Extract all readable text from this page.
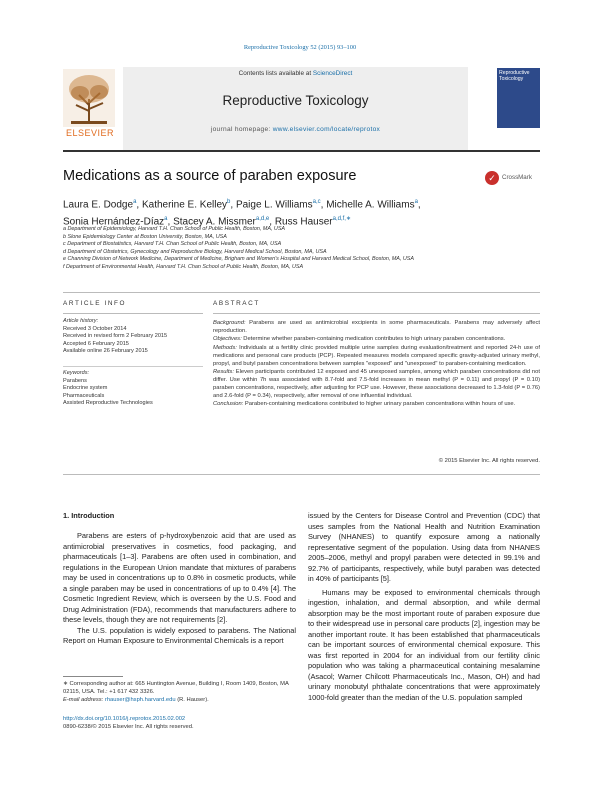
Reproductive Toxicology 52 (2015) 93–100
ELSEVIER
Contents lists available at ScienceDirect
Reproductive Toxicology
journal homepage: www.elsevier.com/locate/reprotox
Reproductive Toxicology
Medications as a source of paraben exposure	✓	CrossMark
Laura E. Dodge$^a$, Katherine E. Kelley$^b$, Paige L. Williams$^{a,c}$, Michelle A. Williams$^a$,
Sonia Hernández-Díaz$^a$, Stacey A. Missmer$^{a,d,e}$, Russ Hauser$^{a,d,f,∗}$
a Department of Epidemiology, Harvard T.H. Chan School of Public Health, Boston, MA, USA
b Slone Epidemiology Center at Boston University, Boston, MA, USA
c Department of Biostatistics, Harvard T.H. Chan School of Public Health, Boston, MA, USA
d Department of Obstetrics, Gynecology and Reproductive Biology, Harvard Medical School, Boston, MA, USA
e Channing Division of Network Medicine, Department of Medicine, Brigham and Women's Hospital and Harvard Medical School, Boston, MA, USA
f Department of Environmental Health, Harvard T.H. Chan School of Public Health, Boston, MA, USA
ARTICLE INFO	ABSTRACT
Article history:
Received 3 October 2014
Received in revised form 2 February 2015
Accepted 6 February 2015
Available online 26 February 2015
Keywords:
Parabens
Endocrine system
Pharmaceuticals
Assisted Reproductive Technologies

Background: Parabens are used as antimicrobial excipients in some pharmaceuticals. Parabens may adversely affect reproduction.

Objectives: Determine whether paraben-containing medication contributes to high urinary paraben concentrations.

Methods: Individuals at a fertility clinic provided multiple urine samples during evaluation/treatment and reported 24-h use of medications and personal care products (PCP). Repeated measures models compared specific gravity-adjusted urinary methyl, propyl, and butyl paraben concentrations between samples "exposed" and "unexposed" to paraben-containing medication.

Results: Eleven participants contributed 12 exposed and 45 unexposed samples, among which paraben concentrations did not differ. Use within 7h was associated with 8.7-fold and 7.5-fold increases in mean methyl (P = 0.11) and propyl (P = 0.10) paraben concentrations, respectively, after adjusting for PCP use. However, these associations decreased to 1.3-fold (P = 0.76) and 2.6-fold (P = 0.34), respectively, after removal of one influential individual.

Conclusion: Paraben-containing medications contributed to higher urinary paraben concentrations within hours of use.

© 2015 Elsevier Inc. All rights reserved.
1. Introduction

Parabens are esters of p-hydroxybenzoic acid that are used as antimicrobial preservatives in cosmetics, food packaging, and pharmaceuticals [1–3]. Parabens are often used in combination, and regulations in the European Union mandate that mixtures of parabens may be used in concentrations up to 0.8% in cosmetic products, while a single paraben may be used in concentrations of up to 0.4% [4]. The Cosmetic Ingredient Review, which is overseen by the U.S. Food and Drug Administration (FDA), recommends that manufacturers adhere to these levels, though they are not requirements [2].

The U.S. population is widely exposed to parabens. The National Report on Human Exposure to Environmental Chemicals is a report

issued by the Centers for Disease Control and Prevention (CDC) that uses samples from the National Health and Nutrition Examination Survey (NHANES) to quantify exposure among a nationally representative segment of the population. Using data from NHANES 2005–2006, methyl and propyl paraben were detected in 99.1% and 92.7% of participants, respectively, while butyl paraben was detected in 40% of participants [5].

Humans may be exposed to environmental chemicals through ingestion, inhalation, and dermal absorption, and while dermal absorption may be the most important route of paraben exposure due to their widespread use in personal care products [2], ingestion may be another important route. It has been established that pharmaceuticals can be important sources of environmental chemical exposure. This was first reported in 2004 for an individual from our fertility clinic population who was taking a pharmaceutical containing mesalamine (Asacol; Warner Chilcott Pharmaceuticals Inc., Mason, OH) and had urinary monobutyl phthalate concentrations that were approximately 1000-fold greater than the median of the U.S. population sampled

∗ Corresponding author at: 665 Huntington Avenue, Building I, Room 1409, Boston, MA 02115, USA. Tel.: +1 617 432 3326.
E-mail address: rhauser@hsph.harvard.edu (R. Hauser).
http://dx.doi.org/10.1016/j.reprotox.2015.02.002
0890-6238/© 2015 Elsevier Inc. All rights reserved.
